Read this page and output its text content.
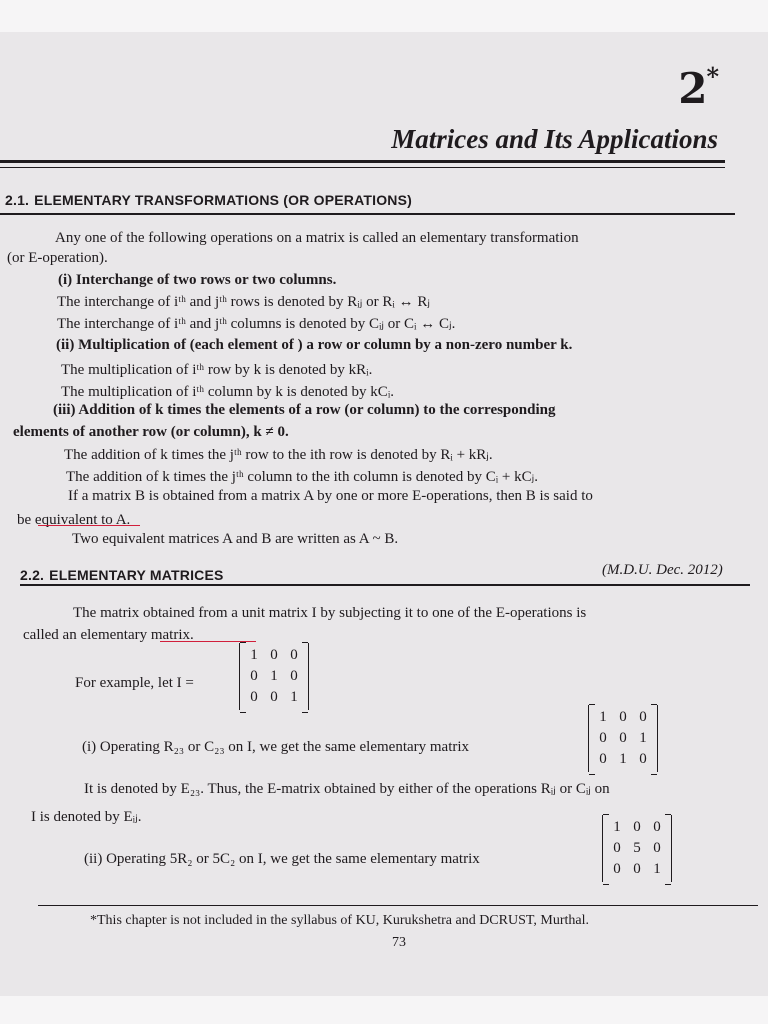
2*
Matrices and Its Applications
2.1. ELEMENTARY TRANSFORMATIONS (OR OPERATIONS)
Any one of the following operations on a matrix is called an elementary transformation
(or E-operation).
(i) Interchange of two rows or two columns.
The interchange of iᵗʰ and jᵗʰ rows is denoted by Rᵢⱼ or Rᵢ ↔ Rⱼ
The interchange of iᵗʰ and jᵗʰ columns is denoted by Cᵢⱼ or Cᵢ ↔ Cⱼ.
(ii) Multiplication of (each element of ) a row or column by a non-zero number k.
The multiplication of iᵗʰ row by k is denoted by kRᵢ.
The multiplication of iᵗʰ column by k is denoted by kCᵢ.
(iii) Addition of k times the elements of a row (or column) to the corresponding
elements of another row (or column), k ≠ 0.
The addition of k times the jᵗʰ row to the ith row is denoted by Rᵢ + kRⱼ.
The addition of k times the jᵗʰ column to the ith column is denoted by Cᵢ + kCⱼ.
If a matrix B is obtained from a matrix A by one or more E-operations, then B is said to
be equivalent to A.
Two equivalent matrices A and B are written as A ~ B.
2.2. ELEMENTARY MATRICES	(M.D.U. Dec. 2012)
The matrix obtained from a unit matrix I by subjecting it to one of the E-operations is
called an elementary matrix.
For example, let I =
1 0 0
0 1 0
0 0 1
(i) Operating R₂₃ or C₂₃ on I, we get the same elementary matrix
1 0 0
0 0 1
0 1 0
It is denoted by E₂₃. Thus, the E-matrix obtained by either of the operations Rᵢⱼ or Cᵢⱼ on
I is denoted by Eᵢⱼ.
(ii) Operating 5R₂ or 5C₂ on I, we get the same elementary matrix
1 0 0
0 5 0
0 0 1
*This chapter is not included in the syllabus of KU, Kurukshetra and DCRUST, Murthal.
73
